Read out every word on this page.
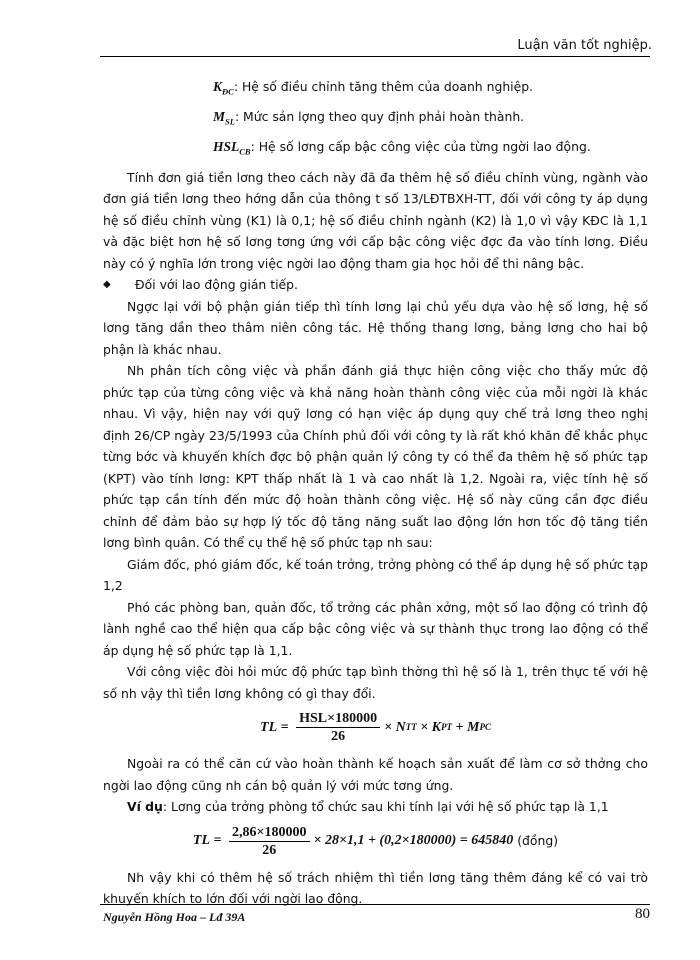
Luận văn tốt nghiệp.

$K_{ĐC}$: Hệ số điều chỉnh tăng thêm của doanh nghiệp.

$M_{SL}$: Mức sản lợng theo quy định phải hoàn thành.

$HSL_{CB}$: Hệ số lơng cấp bậc công việc của từng ngời lao động.

Tính đơn giá tiền lơng theo cách này đã đa thêm hệ số điều chỉnh vùng, ngành vào đơn giá tiền lơng theo hớng dẫn của thông t số 13/LĐTBXH-TT, đối với công ty áp dụng hệ số điều chỉnh vùng (K1) là 0,1; hệ số điều chỉnh ngành (K2) là 1,0 vì vậy KĐC là 1,1 và đặc biệt hơn hệ số lơng tơng ứng với cấp bậc công việc đợc đa vào tính lơng. Điều này có ý nghĩa lớn trong việc ngời lao động tham gia học hỏi để thi nâng bậc.

◆	Đối với lao động gián tiếp.

Ngợc lại với bộ phận gián tiếp thì tính lơng lại chủ yếu dựa vào hệ số lơng, hệ số lơng tăng dần theo thâm niên công tác. Hệ thống thang lơng, bảng lơng cho hai bộ phận là khác nhau.

Nh phân tích công việc và phần đánh giá thực hiện công việc cho thấy mức độ phức tạp của từng công việc và khả năng hoàn thành công việc của mỗi ngời là khác nhau. Vì vậy, hiện nay với quỹ lơng có hạn việc áp dụng quy chế trả lơng theo nghị định 26/CP ngày 23/5/1993 của Chính phủ đối với công ty là rất khó khăn để khắc phục từng bớc và khuyến khích đợc bộ phận quản lý công ty có thể đa thêm hệ số phức tạp (KPT) vào tính lơng: KPT thấp nhất là 1 và cao nhất là 1,2. Ngoài ra, việc tính hệ số phức tạp cần tính đến mức độ hoàn thành công việc. Hệ số này cũng cần đợc điều chỉnh để đảm bảo sự hợp lý tốc độ tăng năng suất lao động lớn hơn tốc độ tăng tiền lơng bình quân. Có thể cụ thể hệ số phức tạp nh sau:

Giám đốc, phó giám đốc, kế toán trởng, trởng phòng có thể áp dụng hệ số phức tạp 1,2

Phó các phòng ban, quản đốc, tổ trởng các phân xởng, một số lao động có trình độ lành nghề cao thể hiện qua cấp bậc công việc và sự thành thục trong lao động có thể áp dụng hệ số phức tạp là 1,1.

Với công việc đòi hỏi mức độ phức tạp bình thờng thì hệ số là 1, trên thực tế với hệ số nh vậy thì tiền lơng không có gì thay đổi.

TL = $\frac{\text{HSL×180000}}{26} \times N$ TT
× K PT
+ M PC

Ngoài ra có thể căn cứ vào hoàn thành kế hoạch sản xuất để làm cơ sở thởng cho ngời lao động cũng nh cán bộ quản lý với mức tơng ứng.

Ví dụ: Lơng của trởng phòng tổ chức sau khi tính lại với hệ số phức tạp là 1,1

TL = $\frac{2,86\times 180000}{26} \times 28\times 1,1 + (0,2\times 180000) = 645840$ (đồng)

Nh vậy khi có thêm hệ số trách nhiệm thì tiền lơng tăng thêm đáng kể có vai trò khuyến khích to lớn đối với ngời lao động.

Nguyễn Hồng Hoa – Lđ 39A	80
